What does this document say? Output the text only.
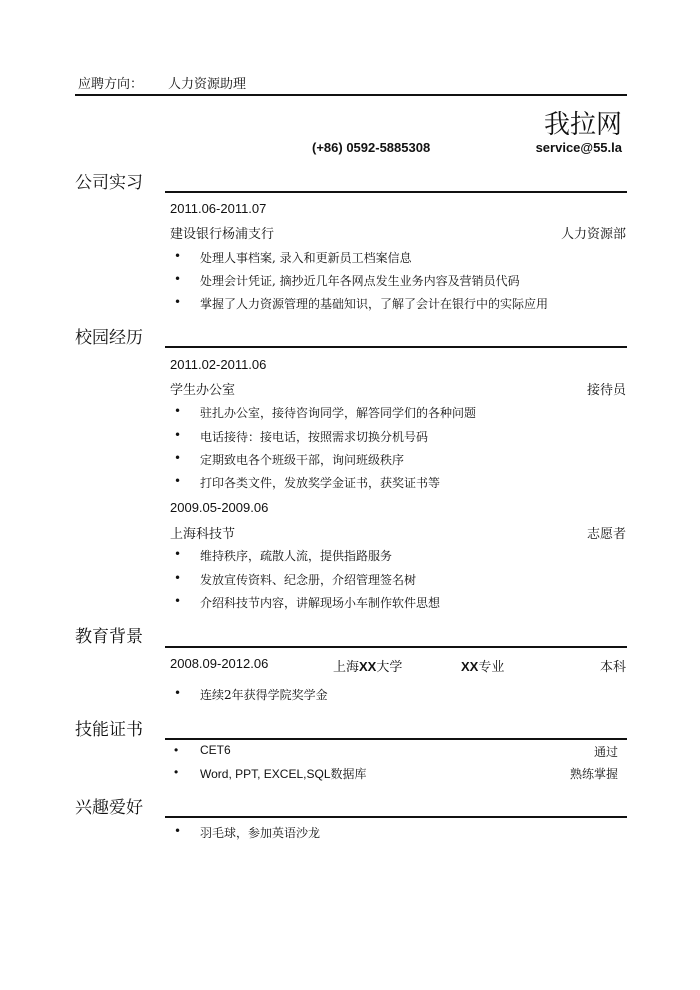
应聘方向： 人力资源助理
我拉网
(+86) 0592-5885308	service@55.la
公司实习
2011.06-2011.07
建设银行杨浦支行	人力资源部
• 处理人事档案, 录入和更新员工档案信息
• 处理会计凭证, 摘抄近几年各网点发生业务内容及营销员代码
• 掌握了人力资源管理的基础知识，了解了会计在银行中的实际应用
校园经历
2011.02-2011.06
学生办公室	接待员
• 驻扎办公室，接待咨询同学，解答同学们的各种问题
• 电话接待：接电话，按照需求切换分机号码
• 定期致电各个班级干部，询问班级秩序
• 打印各类文件，发放奖学金证书，获奖证书等
2009.05-2009.06
上海科技节	志愿者
• 维持秩序，疏散人流，提供指路服务
• 发放宣传资料、纪念册，介绍管理签名树
• 介绍科技节内容，讲解现场小车制作软件思想
教育背景
2008.09-2012.06	上海XX大学	XX专业	本科
• 连续2年获得学院奖学金
技能证书
• CET6	通过
• Word, PPT, EXCEL,SQL数据库	熟练掌握
兴趣爱好
• 羽毛球，参加英语沙龙
